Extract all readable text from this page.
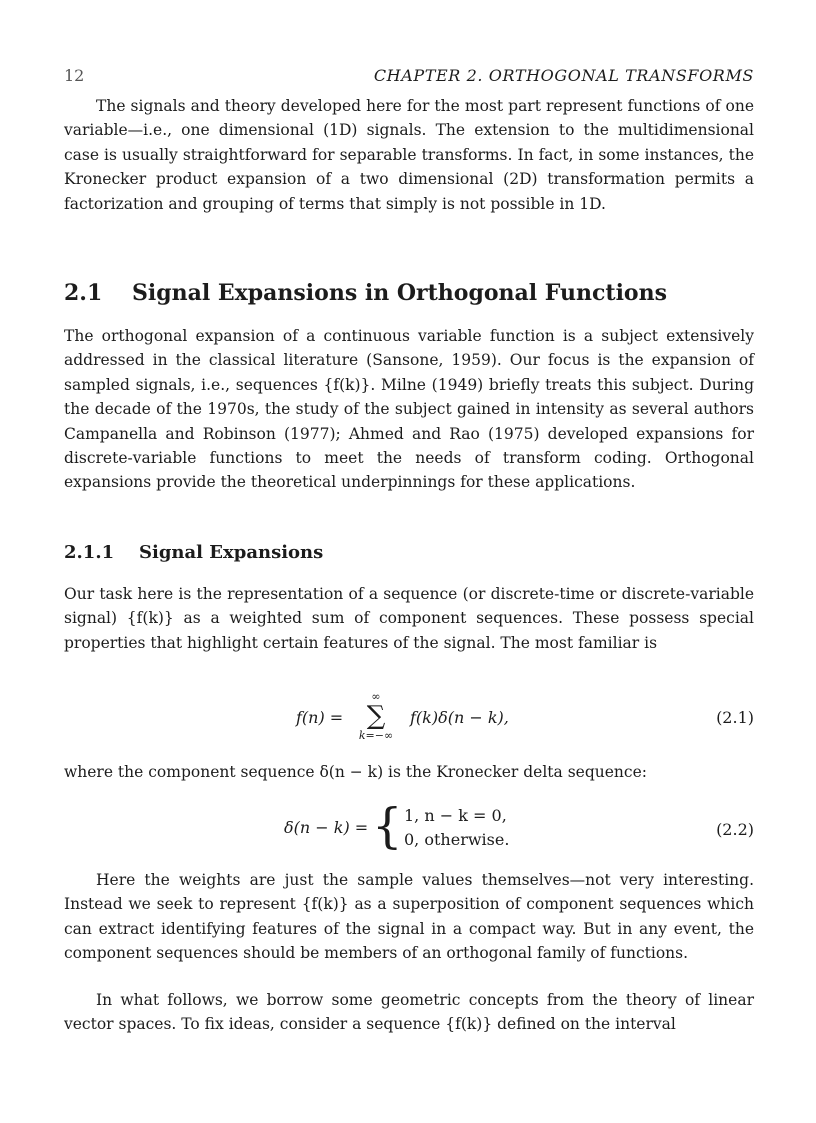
12	CHAPTER 2. ORTHOGONAL TRANSFORMS

The signals and theory developed here for the most part represent functions of one variable—i.e., one dimensional (1D) signals. The extension to the multidimensional case is usually straightforward for separable transforms. In fact, in some instances, the Kronecker product expansion of a two dimensional (2D) transformation permits a factorization and grouping of terms that simply is not possible in 1D.

2.1 Signal Expansions in Orthogonal Functions

The orthogonal expansion of a continuous variable function is a subject extensively addressed in the classical literature (Sansone, 1959). Our focus is the expansion of sampled signals, i.e., sequences {f(k)}. Milne (1949) briefly treats this subject. During the decade of the 1970s, the study of the subject gained in intensity as several authors Campanella and Robinson (1977); Ahmed and Rao (1975) developed expansions for discrete-variable functions to meet the needs of transform coding. Orthogonal expansions provide the theoretical underpinnings for these applications.

2.1.1 Signal Expansions

Our task here is the representation of a sequence (or discrete-time or discrete-variable signal) {f(k)} as a weighted sum of component sequences. These possess special properties that highlight certain features of the signal. The most familiar is

f(n) =
∞
∑
k=−∞
f(k)δ(n − k),	(2.1)

where the component sequence δ(n − k) is the Kronecker delta sequence:

δ(n − k) = { 1, n − k = 0,
0, otherwise.
(2.2)

Here the weights are just the sample values themselves—not very interesting. Instead we seek to represent {f(k)} as a superposition of component sequences which can extract identifying features of the signal in a compact way. But in any event, the component sequences should be members of an orthogonal family of functions.

In what follows, we borrow some geometric concepts from the theory of linear vector spaces. To fix ideas, consider a sequence {f(k)} defined on the interval
